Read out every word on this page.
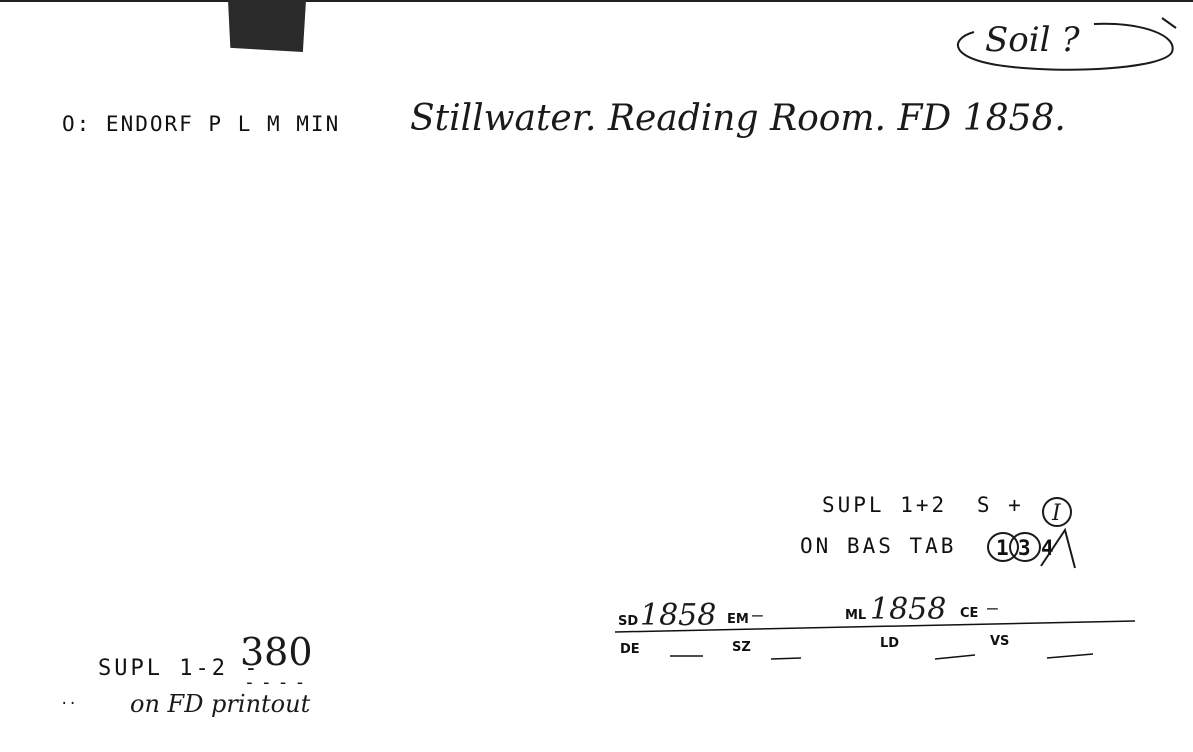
Soil ?
O: ENDORF P L M MIN Stillwater. Reading Room. FD 1858.
SUPL 1+2 S +
ON BAS TAB
I
1 3 4
SD 1858 EM —	ML 1858 CE —
DE	SZ	LD	VS
SUPL 1-2 -
380
----
on FD printout
..
